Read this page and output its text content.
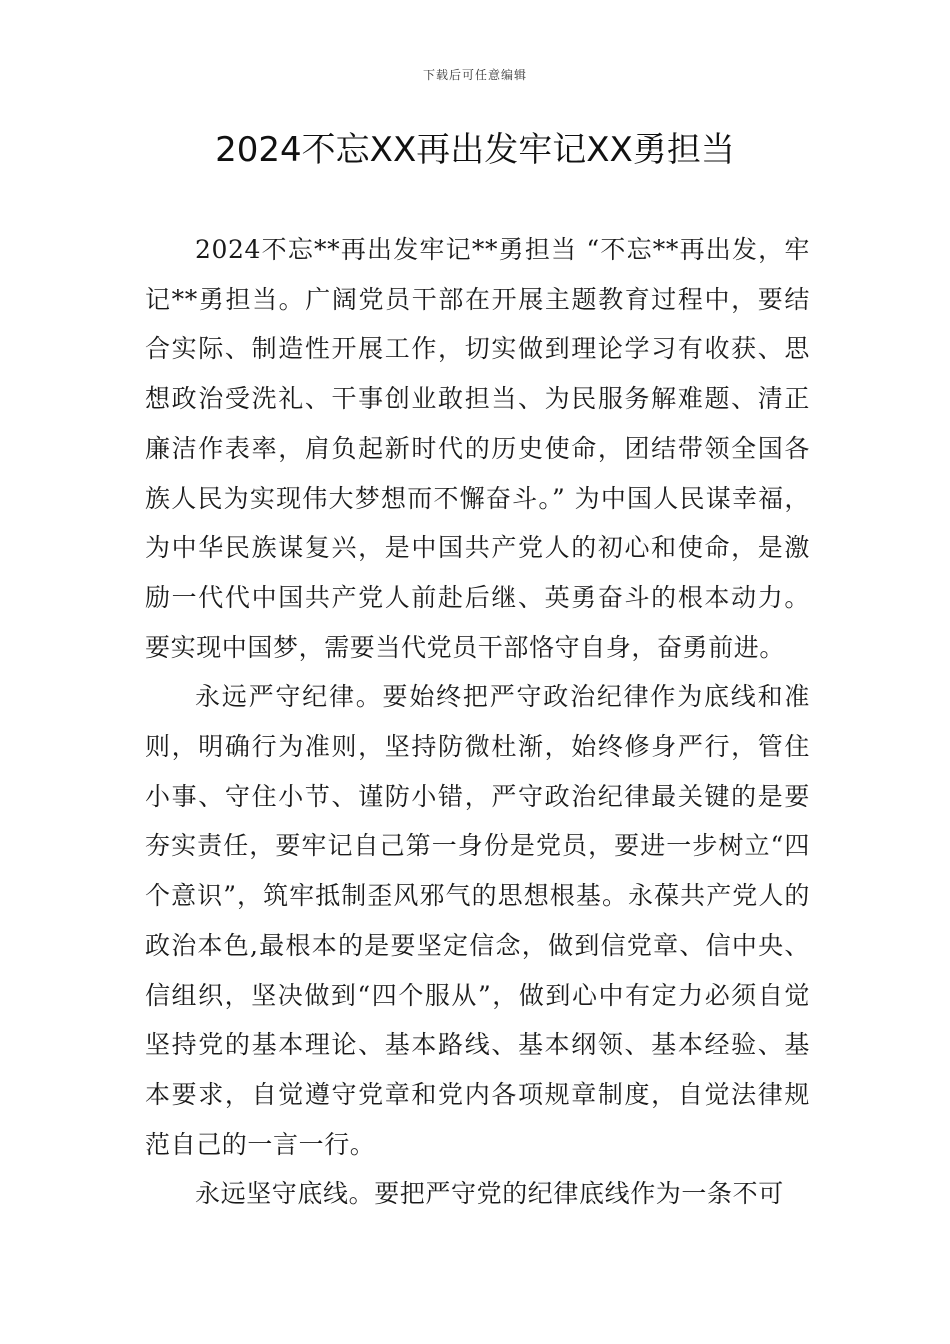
下载后可任意编辑
2024不忘XX再出发牢记XX勇担当

2024不忘**再出发牢记**勇担当 “不忘**再出发，牢记**勇担当。广阔党员干部在开展主题教育过程中，要结合实际、制造性开展工作，切实做到理论学习有收获、思想政治受洗礼、干事创业敢担当、为民服务解难题、清正廉洁作表率，肩负起新时代的历史使命，团结带领全国各族人民为实现伟大梦想而不懈奋斗。” 为中国人民谋幸福，为中华民族谋复兴，是中国共产党人的初心和使命，是激励一代代中国共产党人前赴后继、英勇奋斗的根本动力。要实现中国梦，需要当代党员干部恪守自身，奋勇前进。

永远严守纪律。要始终把严守政治纪律作为底线和准则，明确行为准则，坚持防微杜渐，始终修身严行，管住小事、守住小节、谨防小错，严守政治纪律最关键的是要夯实责任，要牢记自己第一身份是党员，要进一步树立“四个意识”，筑牢抵制歪风邪气的思想根基。永葆共产党人的政治本色,最根本的是要坚定信念，做到信党章、信中央、信组织，坚决做到“四个服从”，做到心中有定力必须自觉坚持党的基本理论、基本路线、基本纲领、基本经验、基本要求，自觉遵守党章和党内各项规章制度，自觉法律规范自己的一言一行。

永远坚守底线。要把严守党的纪律底线作为一条不可
